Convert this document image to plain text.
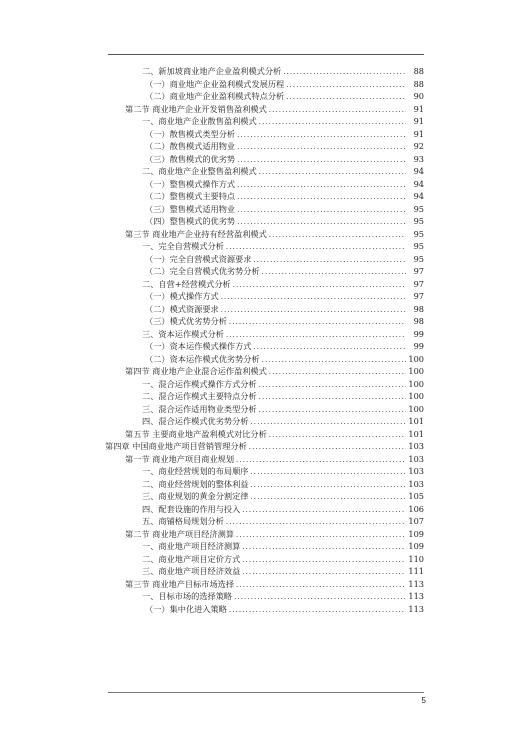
二、新加坡商业地产企业盈利模式分析 .....	88
（一）商业地产企业盈利模式发展历程 .....	88
（二）商业地产企业盈利模式特点分析 .....	90
第二节 商业地产企业开发销售盈利模式 .....	91
一、商业地产企业散售盈利模式 .....	91
（一）散售模式类型分析 .....	91
（二）散售模式适用物业 .....	92
（三）散售模式的优劣势 .....	93
二、商业地产企业整售盈利模式 .....	94
（一）整售模式操作方式 .....	94
（二）整售模式主要特点 .....	94
（三）整售模式适用物业 .....	95
（四）整售模式的优劣势 .....	95
第三节 商业地产企业持有经营盈利模式 .....	95
一、完全自营模式分析 .....	95
（一）完全自营模式资源要求 .....	95
（二）完全自营模式优劣势分析 .....	97
二、自营+经营模式分析 .....	97
（一）模式操作方式 .....	97
（二）模式资源要求 .....	98
（三）模式优劣势分析 .....	98
三、资本运作模式分析 .....	99
（一）资本运作模式操作方式 .....	99
（二）资本运作模式优劣势分析 .....	100
第四节 商业地产企业混合运作盈利模式 .....	100
一、混合运作模式操作方式分析 .....	100
二、混合运作模式主要特点分析 .....	100
三、混合运作适用物业类型分析 .....	100
四、混合运作模式优劣势分析 .....	101
第五节 主要商业地产盈利模式对比分析 .....	101
第四章 中国商业地产项目营销管理分析 .....	103
第一节 商业地产项目商业规划 .....	103
一、商业经营规划的布局顺序 .....	103
二、商业经营规划的整体利益 .....	103
三、商业规划的黄金分割定律 .....	105
四、配套设施的作用与投入 .....	106
五、商铺格局规划分析 .....	107
第二节 商业地产项目经济测算 .....	109
一、商业地产项目经济测算 .....	109
二、商业地产项目定价方式 .....	110
三、商业地产项目经济效益 .....	111
第三节 商业地产目标市场选择 .....	113
一、目标市场的选择策略 .....	113
（一）集中化进入策略 .....	113
5
